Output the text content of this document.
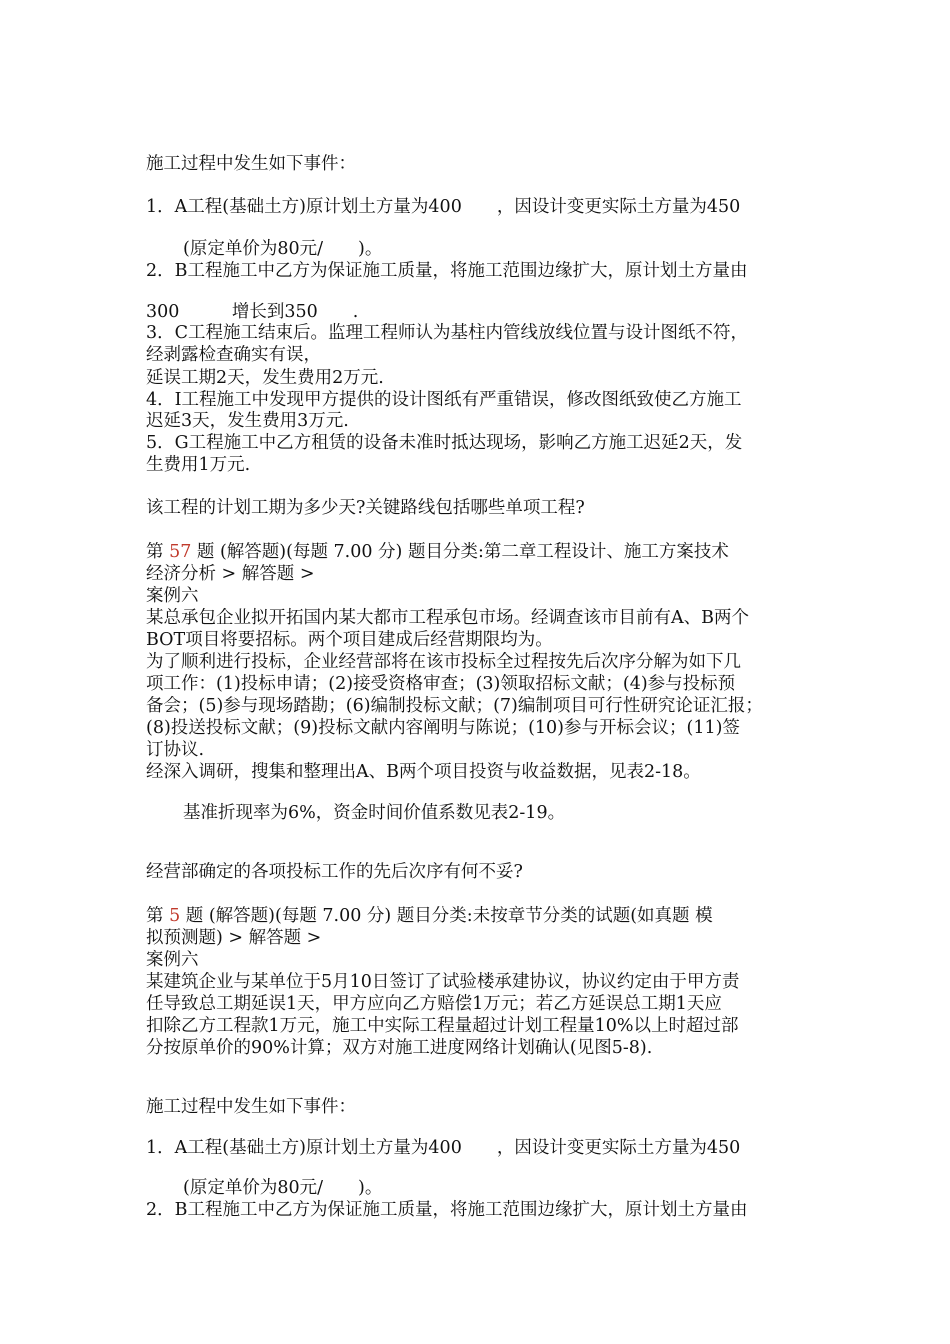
施工过程中发生如下事件：
1．A工程(基础土方)原计划土方量为400　　，因设计变更实际土方量为450
(原定单价为80元/　　)。
2．B工程施工中乙方为保证施工质量，将施工范围边缘扩大，原计划土方量由
300　　　增长到350　　.
3．C工程施工结束后。监理工程师认为基柱内管线放线位置与设计图纸不符，
经剥露检查确实有误，
延误工期2天，发生费用2万元.
4．I工程施工中发现甲方提供的设计图纸有严重错误，修改图纸致使乙方施工
迟延3天，发生费用3万元.
5．G工程施工中乙方租赁的设备未准时抵达现场，影响乙方施工迟延2天，发
生费用1万元.
该工程的计划工期为多少天?关键路线包括哪些单项工程?
第 57 题 (解答题)(每题 7.00 分) 题目分类:第二章工程设计、施工方案技术
经济分析 > 解答题 >
案例六
某总承包企业拟开拓国内某大都市工程承包市场。经调查该市目前有A、B两个
BOT项目将要招标。两个项目建成后经营期限均为。
为了顺利进行投标，企业经营部将在该市投标全过程按先后次序分解为如下几
项工作：(1)投标申请；(2)接受资格审查；(3)领取招标文献；(4)参与投标预
备会；(5)参与现场踏勘；(6)编制投标文献；(7)编制项目可行性研究论证汇报；
(8)投送投标文献；(9)投标文献内容阐明与陈说；(10)参与开标会议；(11)签
订协议.
经深入调研，搜集和整理出A、B两个项目投资与收益数据，见表2-18。
基准折现率为6%，资金时间价值系数见表2-19。
经营部确定的各项投标工作的先后次序有何不妥?
第 5 题 (解答题)(每题 7.00 分) 题目分类:未按章节分类的试题(如真题 模
拟预测题) > 解答题 >
案例六
某建筑企业与某单位于5月10日签订了试验楼承建协议，协议约定由于甲方责
任导致总工期延误1天，甲方应向乙方赔偿1万元；若乙方延误总工期1天应
扣除乙方工程款1万元，施工中实际工程量超过计划工程量10%以上时超过部
分按原单价的90%计算；双方对施工进度网络计划确认(见图5-8).
施工过程中发生如下事件：
1．A工程(基础土方)原计划土方量为400　　，因设计变更实际土方量为450
(原定单价为80元/　　)。
2．B工程施工中乙方为保证施工质量，将施工范围边缘扩大，原计划土方量由
